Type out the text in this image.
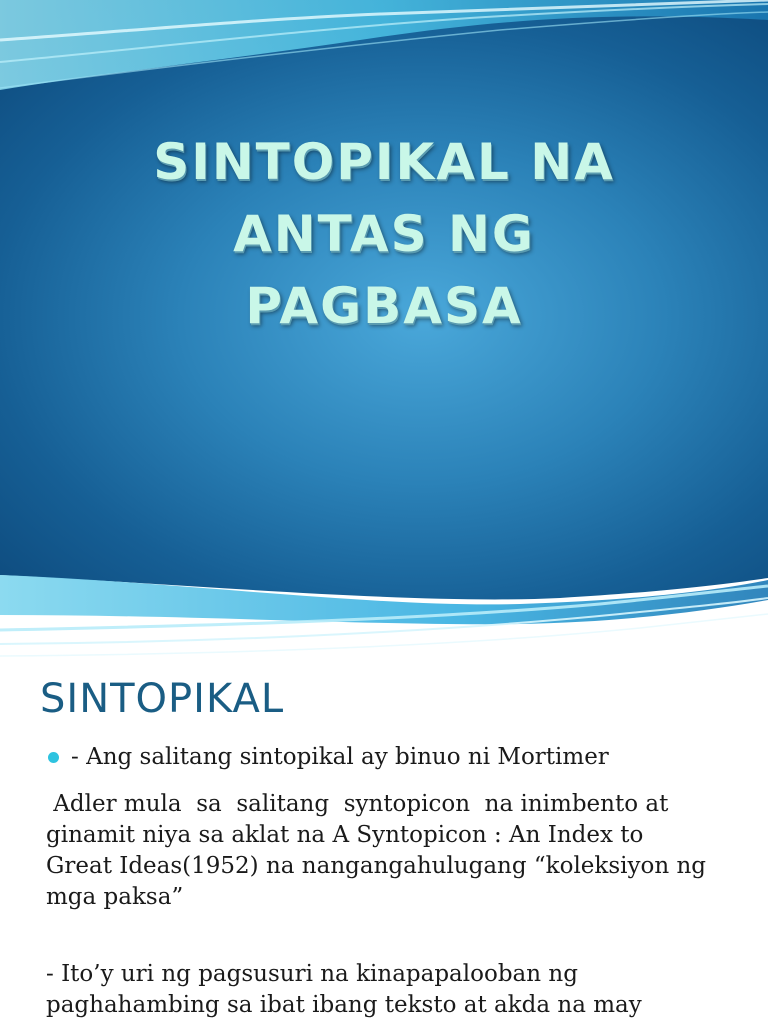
SINTOPIKAL NA
ANTAS NG
PAGBASA
SINTOPIKAL

- Ang salitang sintopikal ay binuo ni Mortimer

Adler mula  sa  salitang  syntopicon  na inimbento at
ginamit niya sa aklat na A Syntopicon : An Index to
Great Ideas(1952) na nangangahulugang “koleksiyon ng
mga paksa”

- Ito’y uri ng pagsusuri na kinapapalooban ng
paghahambing sa ibat ibang teksto at akda na may
